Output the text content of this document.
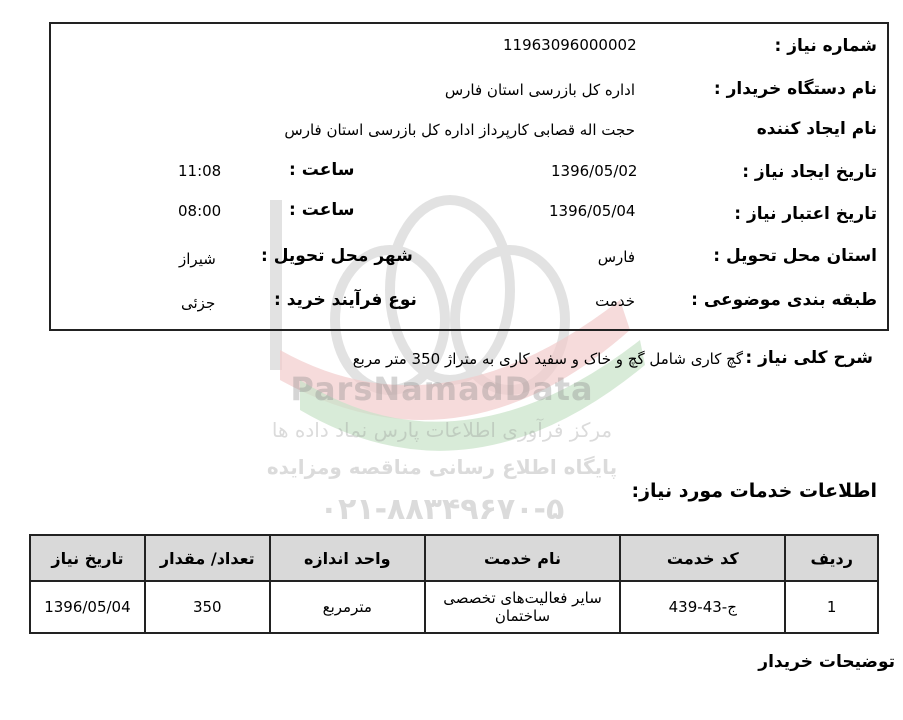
ParsNamadData
مرکز فرآوری اطلاعات پارس نماد داده ها
پایگاه اطلاع رسانی مناقصه ومزایده
۰۲۱-۸۸۳۴۹۶۷۰-۵
شماره نیاز :
11963096000002
نام دستگاه خریدار :
اداره کل بازرسی استان فارس
نام ایجاد کننده
حجت اله قصابی کارپرداز اداره کل بازرسی استان فارس
تاریخ ایجاد نیاز :
1396/05/02
ساعت :
11:08
تاریخ اعتبار نیاز :
1396/05/04
ساعت :
08:00
استان محل تحویل :
فارس
شهر محل تحویل :
شیراز
طبقه بندی موضوعی :
خدمت
نوع فرآیند خرید :
جزئی
شرح کلی نیاز :
گچ کاری شامل گچ و خاک و سفید کاری به متراژ 350 متر مربع
اطلاعات خدمات مورد نیاز:
ردیف	کد خدمت	نام خدمت	واحد اندازه	تعداد/ مقدار	تاریخ نیاز
1	ج-43-439	سایر فعالیت‌های تخصصی ساختمان	مترمربع	350	1396/05/04
توضیحات خریدار
